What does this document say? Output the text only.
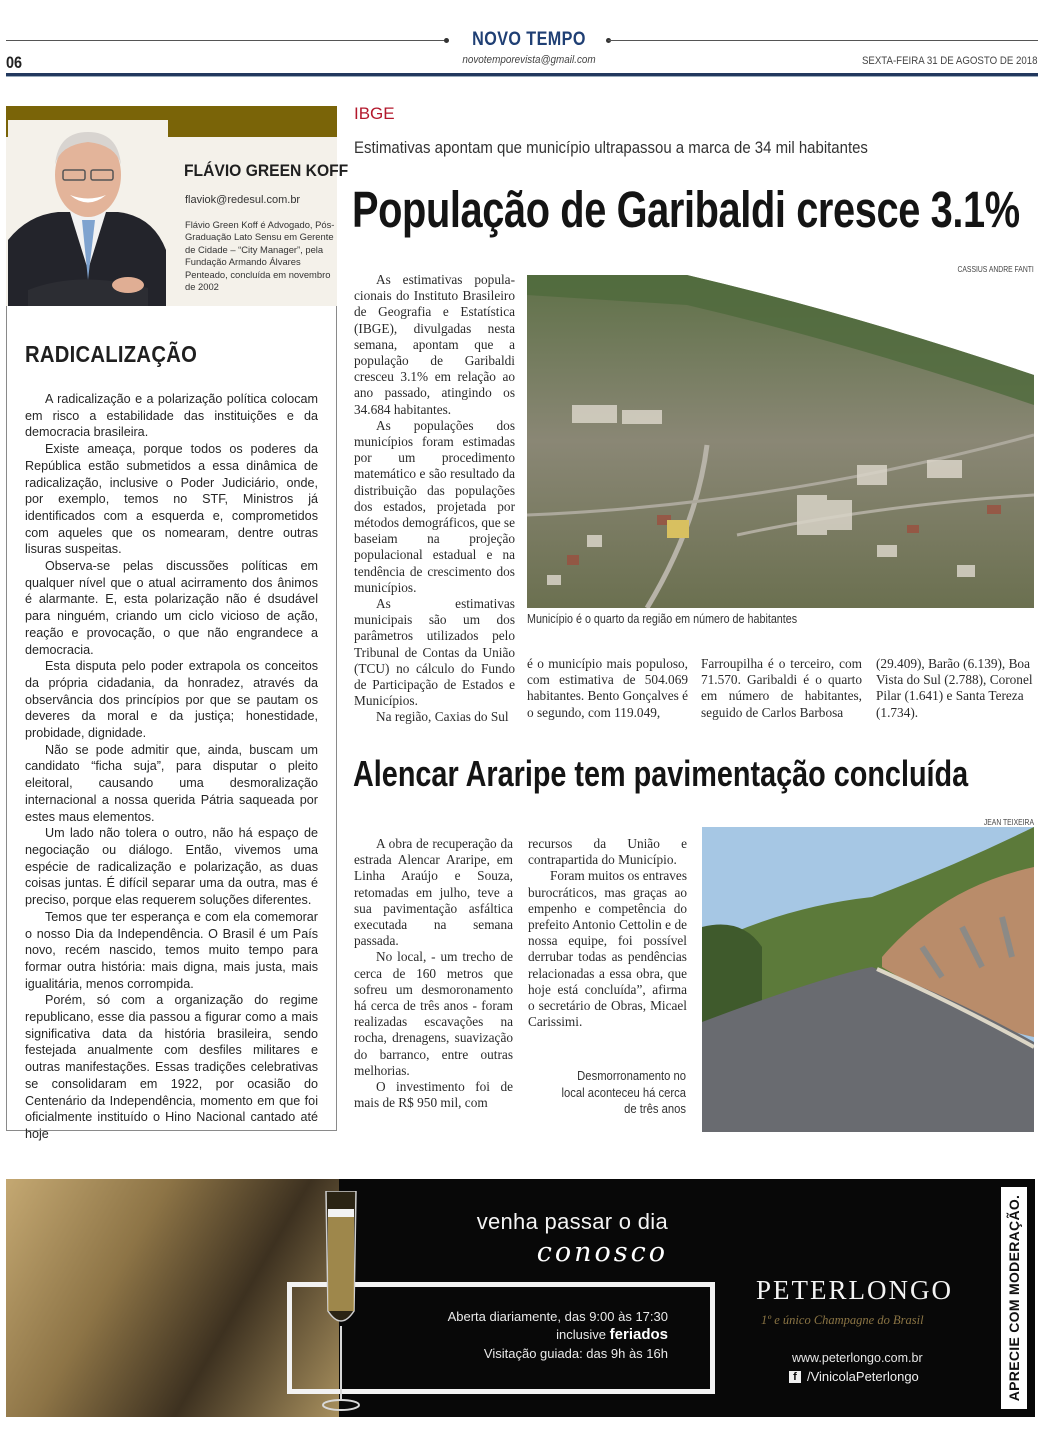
NOVO TEMPO
novotemporevista@gmail.com
06	SEXTA-FEIRA 31 DE AGOSTO DE 2018
FLÁVIO GREEN KOFF
flaviok@redesul.com.br
Flávio Green Koff é Advogado, Pós-Graduação Lato Sensu em Gerente de Cidade – “City Manager”, pela Fundação Armando Álvares Penteado, concluída em novembro de 2002
RADICALIZAÇÃO

A radicalização e a polarização política colocam em risco a estabilidade das instituições e da democracia brasileira.

Existe ameaça, porque todos os poderes da República estão submetidos a essa dinâmica de radicalização, inclusive o Poder Judiciário, onde, por exemplo, temos no STF, Ministros já identificados com a esquerda e, comprometidos com aqueles que os nomearam, dentre outras lisuras suspeitas.

Observa-se pelas discussões políticas em qualquer nível que o atual acirramento dos ânimos é alarmante. E, esta polarização não é dsudável para ninguém, criando um ciclo vicioso de ação, reação e provocação, o que não engrandece a democracia.

Esta disputa pelo poder extrapola os conceitos da própria cidadania, da honradez, através da observância dos princípios por que se pautam os deveres da moral e da justiça; honestidade, probidade, dignidade.

Não se pode admitir que, ainda, buscam um candidato “ficha suja”, para disputar o pleito eleitoral, causando uma desmoralização internacional a nossa querida Pátria saqueada por estes maus elementos.

Um lado não tolera o outro, não há espaço de negociação ou diálogo. Então, vivemos uma espécie de radicalização e polarização, as duas coisas juntas. É difícil separar uma da outra, mas é preciso, porque elas requerem soluções diferentes.

Temos que ter esperança e com ela comemorar o nosso Dia da Independência. O Brasil é um País novo, recém nascido, temos muito tempo para formar outra história: mais digna, mais justa, mais igualitária, menos corrompida.

Porém, só com a organização do regime republicano, esse dia passou a figurar como a mais significativa data da história brasileira, sendo festejada anualmente com desfiles militares e outras manifestações. Essas tradições celebrativas se consolidaram em 1922, por ocasião do Centenário da Independência, momento em que foi oficialmente instituído o Hino Nacional cantado até hoje

IBGE
Estimativas apontam que município ultrapassou a marca de 34 mil habitantes
População de Garibaldi cresce 3.1%
CASSIUS ANDRE FANTI

As estimativas popula-cionais do Instituto Brasileiro de Geografia e Estatística (IBGE), divulgadas nesta semana, apontam que a população de Garibaldi cresceu 3.1% em relação ao ano passado, atingindo os 34.684 habitantes.

As populações dos municípios foram estimadas por um procedimento matemático e são resultado da distribuição das populações dos estados, projetada por métodos demográficos, que se baseiam na projeção populacional estadual e na tendência de crescimento dos municípios.

As estimativas municipais são um dos parâmetros utilizados pelo Tribunal de Contas da União (TCU) no cálculo do Fundo de Participação de Estados e Municípios.

Na região, Caxias do Sul

Município é o quarto da região em número de habitantes

é o município mais populoso, com estimativa de 504.069 habitantes. Bento Gonçalves é o segundo, com 119.049,

Farroupilha é o terceiro, com 71.570. Garibaldi é o quarto em número de habitantes, seguido de Carlos Barbosa

(29.409), Barão (6.139), Boa Vista do Sul (2.788), Coronel Pilar (1.641) e Santa Tereza (1.734).

Alencar Araripe tem pavimentação concluída
JEAN TEIXEIRA

A obra de recuperação da estrada Alencar Araripe, em Linha Araújo e Souza, retomadas em julho, teve a sua pavimentação asfáltica executada na semana passada.

No local, - um trecho de cerca de 160 metros que sofreu um desmoronamento há cerca de três anos - foram realizadas escavações na rocha, drenagens, suavização do barranco, entre outras melhorias.

O investimento foi de mais de R$ 950 mil, com

recursos da União e contrapartida do Município.

Foram muitos os entraves burocráticos, mas graças ao empenho e competência do prefeito Antonio Cettolin e de nossa equipe, foi possível derrubar todas as pendências relacionadas a essa obra, que hoje está concluída”, afirma o secretário de Obras, Micael Carissimi.

Desmorronamento no local aconteceu há cerca de três anos
venha passar o dia
conosco
Aberta diariamente, das 9:00 às 17:30
inclusive feriados
Visitação guiada: das 9h às 16h
PETERLONGO
1º e único Champagne do Brasil
www.peterlongo.com.br
f /VinicolaPeterlongo	APRECIE COM MODERAÇÃO.
